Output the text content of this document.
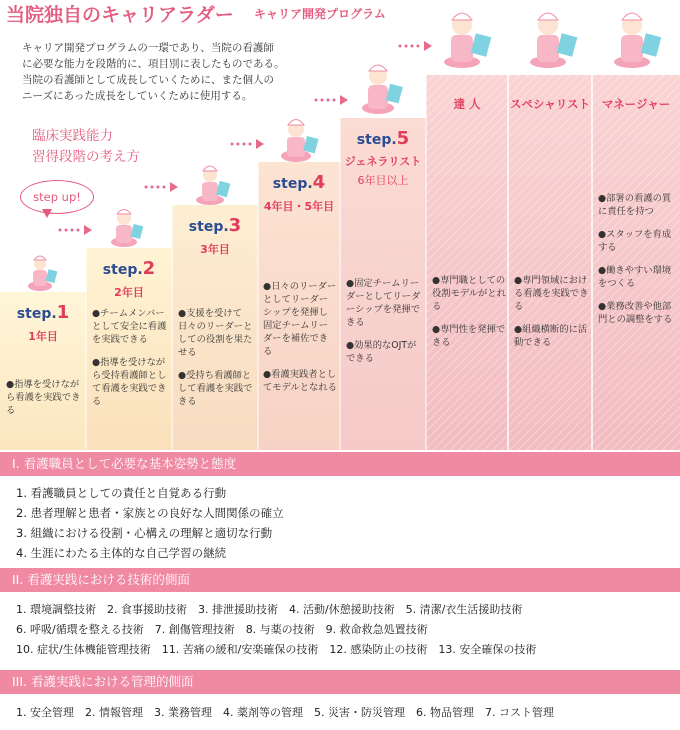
当院独自のキャリアラダー キャリア開発プログラム
キャリア開発プログラムの一環であり、当院の看護師
に必要な能力を段階的に、項目別に表したものである。
当院の看護師として成長していくために、また個人の
ニーズにあった成長をしていくために使用する。
臨床実践能力
習得段階の考え方
step up!
step.1
1年目

●指導を受けながら看護を実践できる

step.2
2年目

●チームメンバーとして安全に看護を実践できる

●指導を受けながら受持看護師として看護を実践できる

step.3
3年目

●支援を受けて日々のリーダーとしての役割を果たせる

●受持ち看護師として看護を実践できる

step.4
4年目・5年目

●日々のリーダーとしてリーダーシップを発揮し固定チームリーダーを補佐できる

●看護実践者としてモデルとなれる

step.5
ジェネラリスト
6年目以上

●固定チームリーダーとしてリーダーシップを発揮できる

●効果的なOJTができる

達 人

●専門職としての役割モデルがとれる

●専門性を発揮できる

スペシャリスト

●専門領域における看護を実践できる

●組織横断的に活動できる

マネージャー

●部署の看護の質に責任を持つ

●スタッフを育成する

●働きやすい環境をつくる

●業務改善や他部門との調整をする

I. 看護職員として必要な基本姿勢と態度
1. 看護職員としての責任と自覚ある行動
2. 患者理解と患者・家族との良好な人間関係の確立
3. 組織における役割・心構えの理解と適切な行動
4. 生涯にわたる主体的な自己学習の継続
II. 看護実践における技術的側面
1. 環境調整技術　2. 食事援助技術　3. 排泄援助技術　4. 活動/休憩援助技術　5. 清潔/衣生活援助技術
6. 呼吸/循環を整える技術　7. 創傷管理技術　8. 与薬の技術　9. 救命救急処置技術
10. 症状/生体機能管理技術　11. 苦痛の緩和/安楽確保の技術　12. 感染防止の技術　13. 安全確保の技術
III. 看護実践における管理的側面
1. 安全管理　2. 情報管理　3. 業務管理　4. 薬剤等の管理　5. 災害・防災管理　6. 物品管理　7. コスト管理
